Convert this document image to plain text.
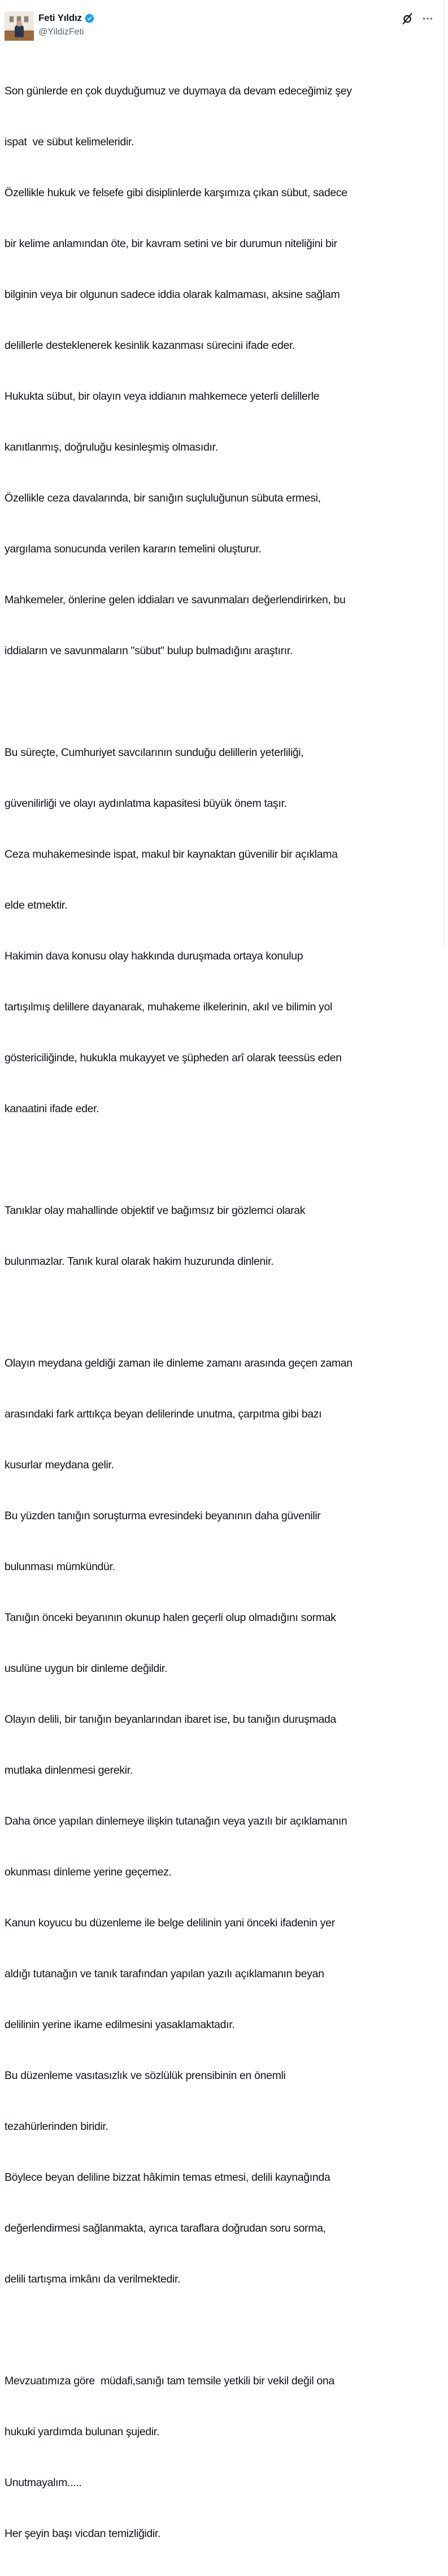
Feti Yıldız
@YildizFeti

Son günlerde en çok duyduğumuz ve duymaya da devam edeceğimiz şey

ispat  ve sübut kelimeleridir.

Özellikle hukuk ve felsefe gibi disiplinlerde karşımıza çıkan sübut, sadece

bir kelime anlamından öte, bir kavram setini ve bir durumun niteliğini bir

bilginin veya bir olgunun sadece iddia olarak kalmaması, aksine sağlam

delillerle desteklenerek kesinlik kazanması sürecini ifade eder.

Hukukta sübut, bir olayın veya iddianın mahkemece yeterli delillerle

kanıtlanmış, doğruluğu kesinleşmiş olmasıdır.

Özellikle ceza davalarında, bir sanığın suçluluğunun sübuta ermesi,

yargılama sonucunda verilen kararın temelini oluşturur.

Mahkemeler, önlerine gelen iddiaları ve savunmaları değerlendirirken, bu

iddiaların ve savunmaların "sübut" bulup bulmadığını araştırır.

Bu süreçte, Cumhuriyet savcılarının sunduğu delillerin yeterliliği,

güvenilirliği ve olayı aydınlatma kapasitesi büyük önem taşır.

Ceza muhakemesinde ispat, makul bir kaynaktan güvenilir bir açıklama

elde etmektir.

Hakimin dava konusu olay hakkında duruşmada ortaya konulup

tartışılmış delillere dayanarak, muhakeme ilkelerinin, akıl ve bilimin yol

göstericiliğinde, hukukla mukayyet ve şüpheden arî olarak teessüs eden

kanaatini ifade eder.

Tanıklar olay mahallinde objektif ve bağımsız bir gözlemci olarak

bulunmazlar. Tanık kural olarak hakim huzurunda dinlenir.

Olayın meydana geldiği zaman ile dinleme zamanı arasında geçen zaman

arasındaki fark arttıkça beyan delilerinde unutma, çarpıtma gibi bazı

kusurlar meydana gelir.

Bu yüzden tanığın soruşturma evresindeki beyanının daha güvenilir

bulunması mümkündür.

Tanığın önceki beyanının okunup halen geçerli olup olmadığını sormak

usulüne uygun bir dinleme değildir.

Olayın delili, bir tanığın beyanlarından ibaret ise, bu tanığın duruşmada

mutlaka dinlenmesi gerekir.

Daha önce yapılan dinlemeye ilişkin tutanağın veya yazılı bir açıklamanın

okunması dinleme yerine geçemez.

Kanun koyucu bu düzenleme ile belge delilinin yani önceki ifadenin yer

aldığı tutanağın ve tanık tarafından yapılan yazılı açıklamanın beyan

delilinin yerine ikame edilmesini yasaklamaktadır.

Bu düzenleme vasıtasızlık ve sözlülük prensibinin en önemli

tezahürlerinden biridir.

Böylece beyan deliline bizzat hâkimin temas etmesi, delili kaynağında

değerlendirmesi sağlanmakta, ayrıca taraflara doğrudan soru sorma,

delili tartışma imkânı da verilmektedir.

Mevzuatımıza göre  müdafi,sanığı tam temsile yetkili bir vekil değil ona

hukuki yardımda bulunan şujedir.

Unutmayalım.....

Her şeyin başı vicdan temizliğidir.
